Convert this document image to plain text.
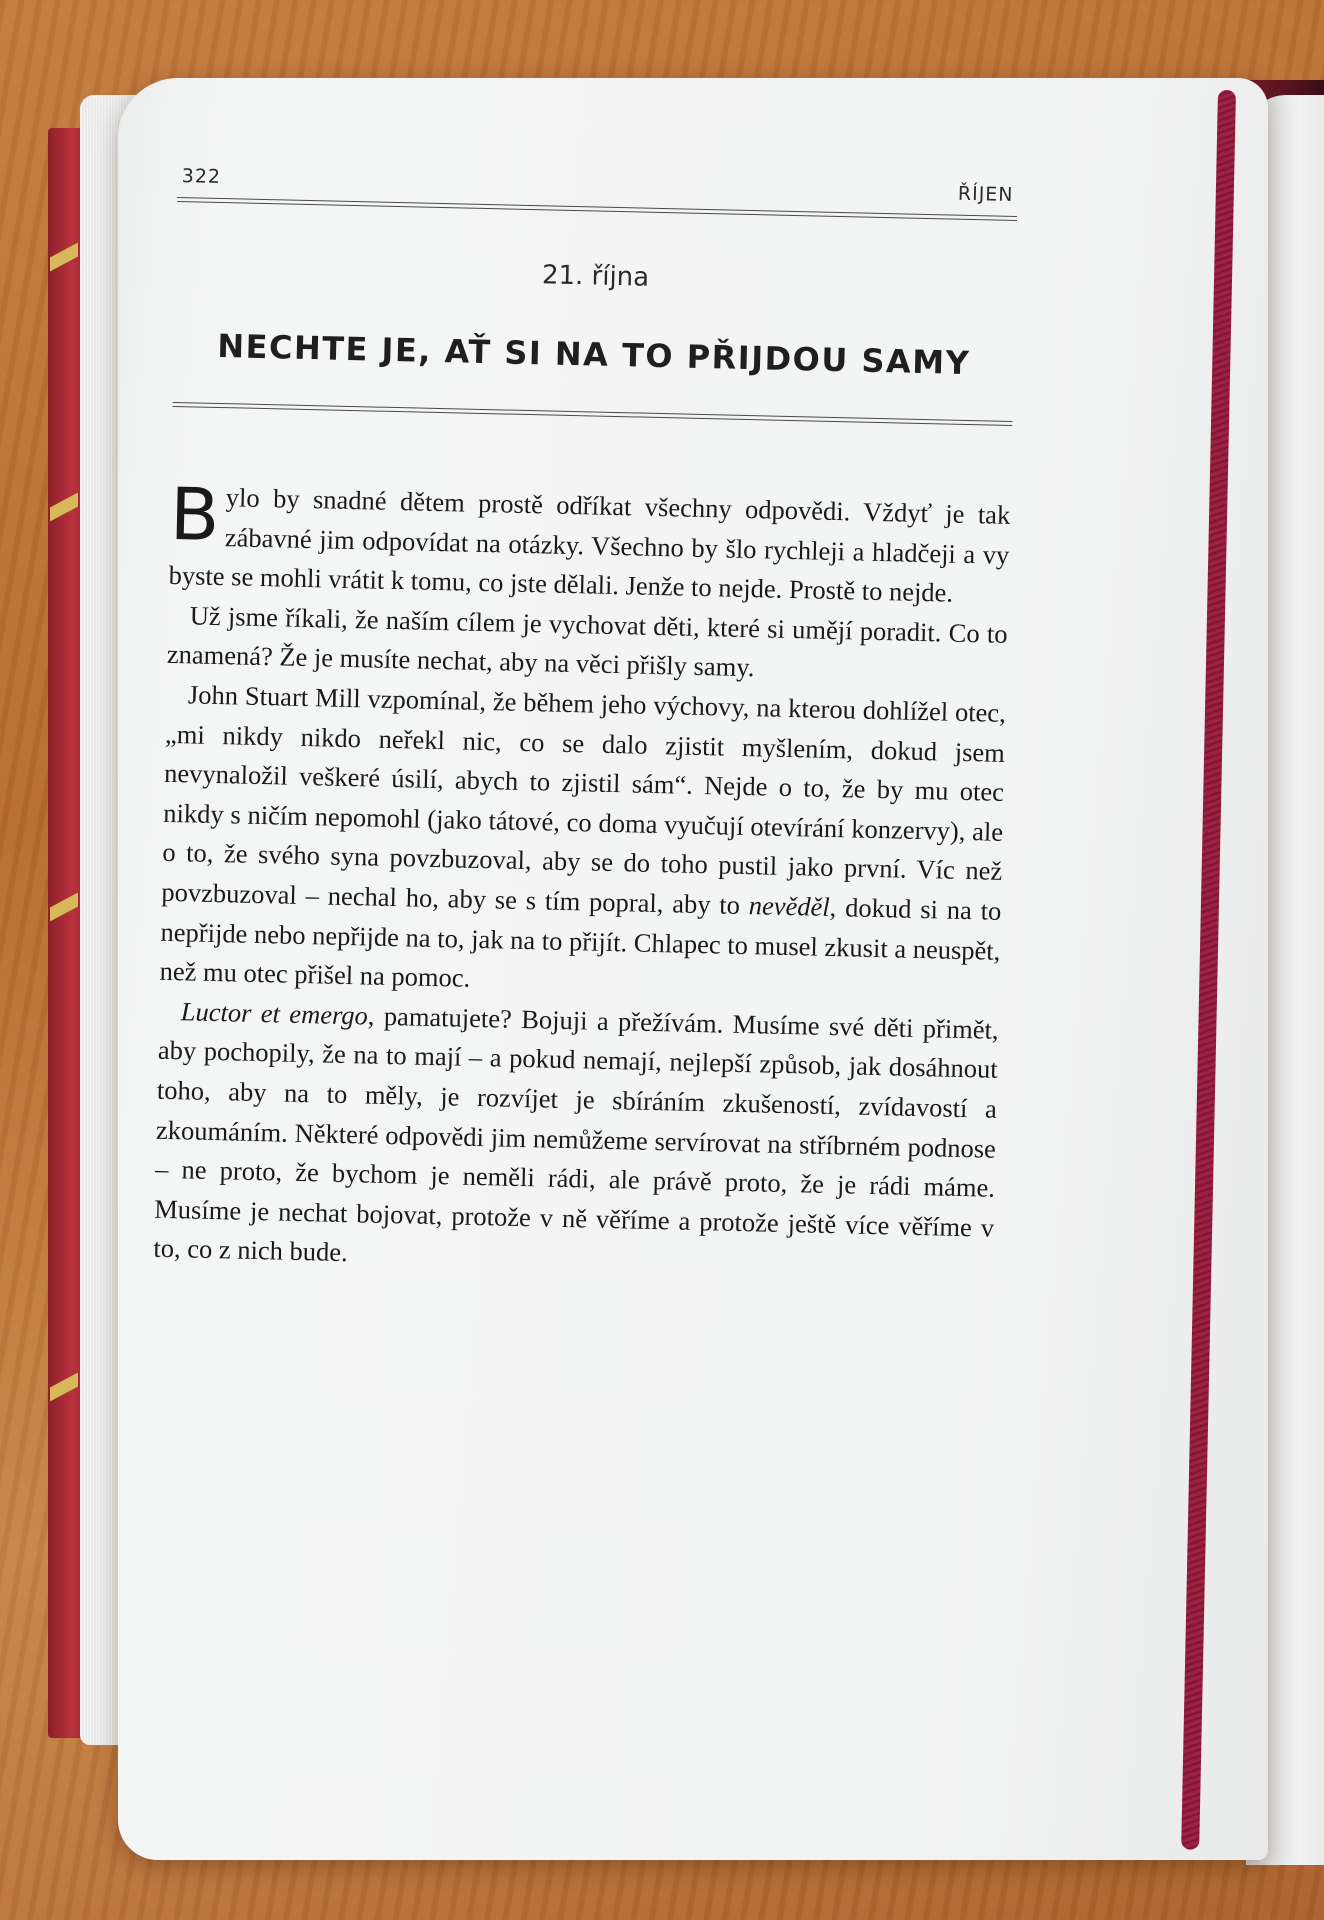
322
ŘÍJEN
21. října
NECHTE JE, AŤ SI NA TO PŘIJDOU SAMY

Bylo by snadné dětem prostě odříkat všechny odpovědi. Vždyť je tak zábavné jim odpovídat na otázky. Všechno by šlo rychleji a hladčeji a vy byste se mohli vrátit k tomu, co jste dělali. Jenže to nejde. Prostě to nejde.

Už jsme říkali, že naším cílem je vychovat děti, které si umějí poradit. Co to znamená? Že je musíte nechat, aby na věci přišly samy.

John Stuart Mill vzpomínal, že během jeho výchovy, na kterou dohlížel otec, „mi nikdy nikdo neřekl nic, co se dalo zjistit myšlením, dokud jsem nevynaložil veškeré úsilí, abych to zjistil sám“. Nejde o to, že by mu otec nikdy s ničím nepomohl (jako tátové, co doma vyučují otevírání konzervy), ale o to, že svého syna povzbuzoval, aby se do toho pustil jako první. Víc než povzbuzoval – nechal ho, aby se s tím popral, aby to nevěděl, dokud si na to nepřijde nebo nepřijde na to, jak na to přijít. Chlapec to musel zkusit a neuspět, než mu otec přišel na pomoc.

Luctor et emergo, pamatujete? Bojuji a přežívám. Musíme své děti přimět, aby pochopily, že na to mají – a pokud nemají, nejlepší způsob, jak dosáhnout toho, aby na to měly, je rozvíjet je sbíráním zkušeností, zvídavostí a zkoumáním. Některé odpovědi jim nemůžeme servírovat na stříbrném podnose – ne proto, že bychom je neměli rádi, ale právě proto, že je rádi máme. Musíme je nechat bojovat, protože v ně věříme a protože ještě více věříme v to, co z nich bude.
